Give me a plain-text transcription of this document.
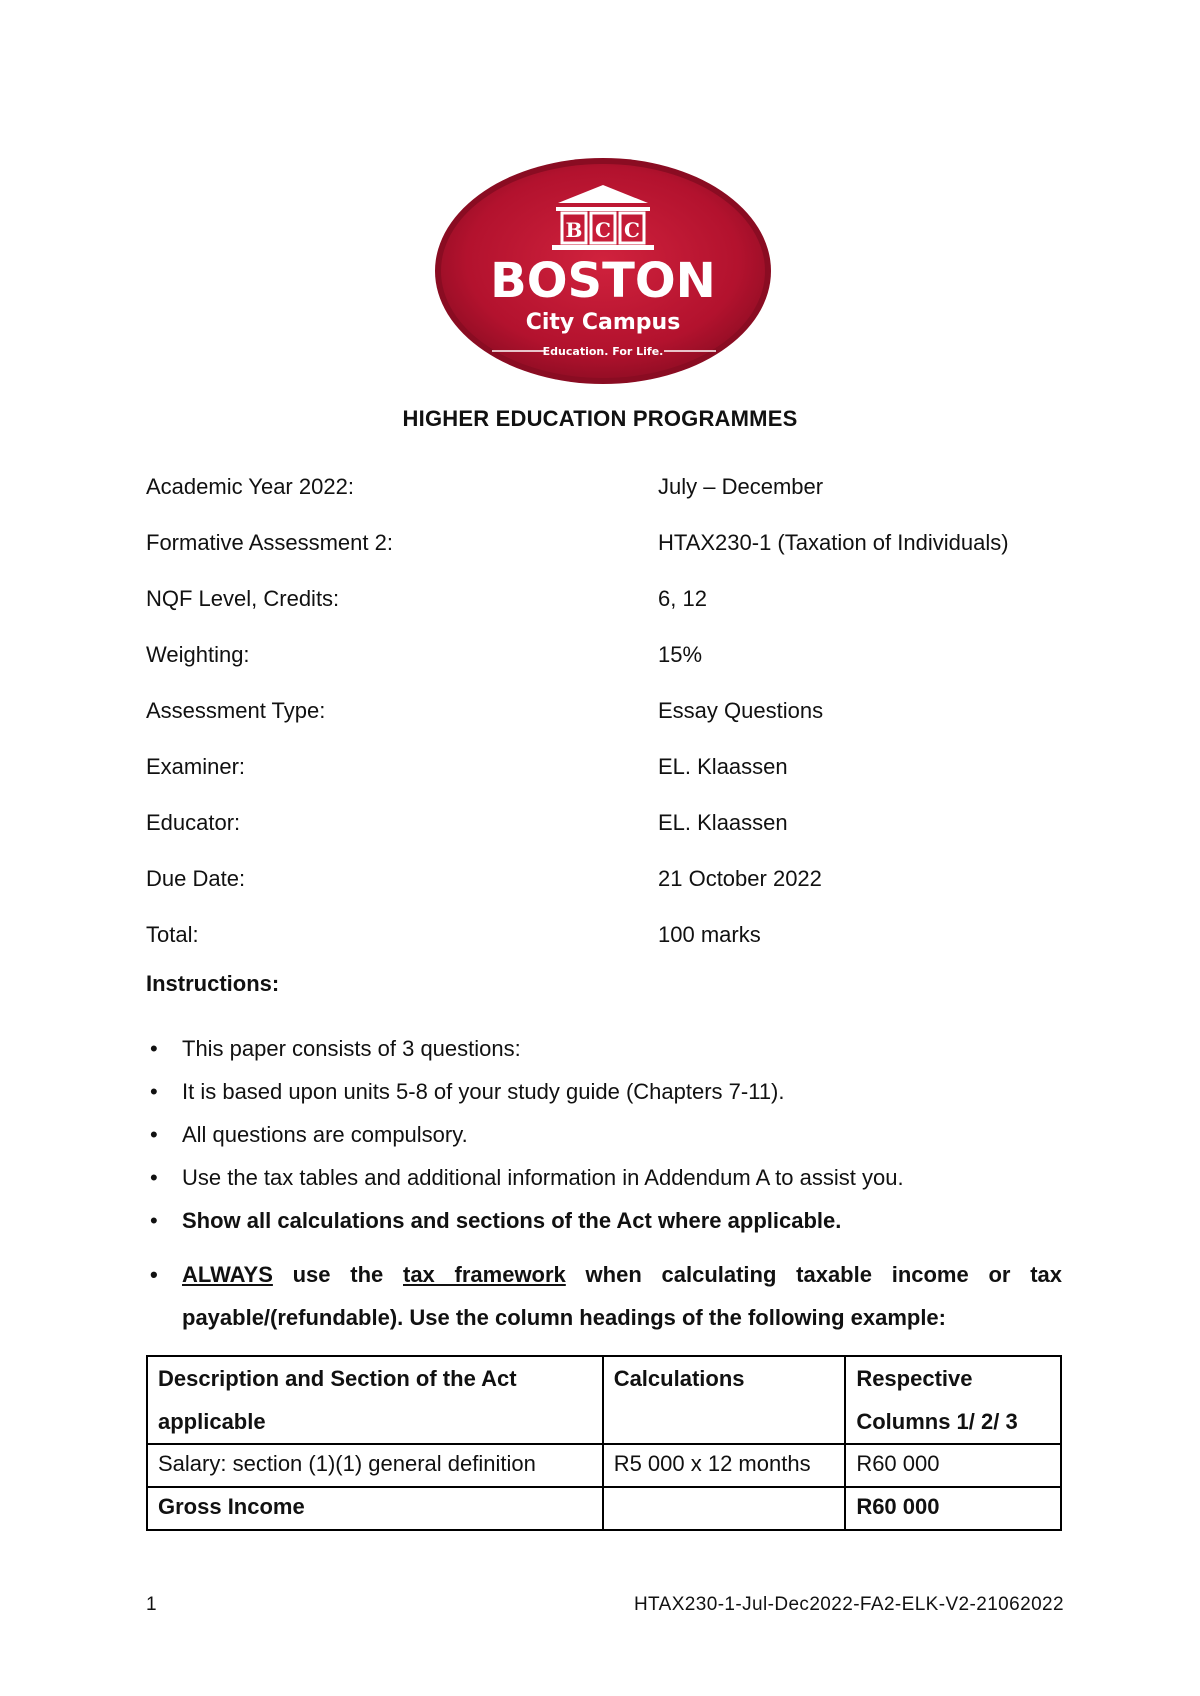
B C C
BOSTON
City Campus
Education. For Life.
HIGHER EDUCATION PROGRAMMES
Academic Year 2022:	July – December
Formative Assessment 2:	HTAX230-1 (Taxation of Individuals)
NQF Level, Credits:	6, 12
Weighting:	15%
Assessment Type:	Essay Questions
Examiner:	EL. Klaassen
Educator:	EL. Klaassen
Due Date:	21 October 2022
Total:	100 marks
Instructions:
• This paper consists of 3 questions:
• It is based upon units 5-8 of your study guide (Chapters 7-11).
• All questions are compulsory.
• Use the tax tables and additional information in Addendum A to assist you.
• Show all calculations and sections of the Act where applicable.
• ALWAYS use the tax framework when calculating taxable income or tax payable/(refundable). Use the column headings of the following example:
Description and Section of the Act applicable	Calculations	Respective Columns 1/ 2/ 3
Salary: section (1)(1) general definition	R5 000 x 12 months	R60 000
Gross Income		R60 000
1	HTAX230-1-Jul-Dec2022-FA2-ELK-V2-21062022
